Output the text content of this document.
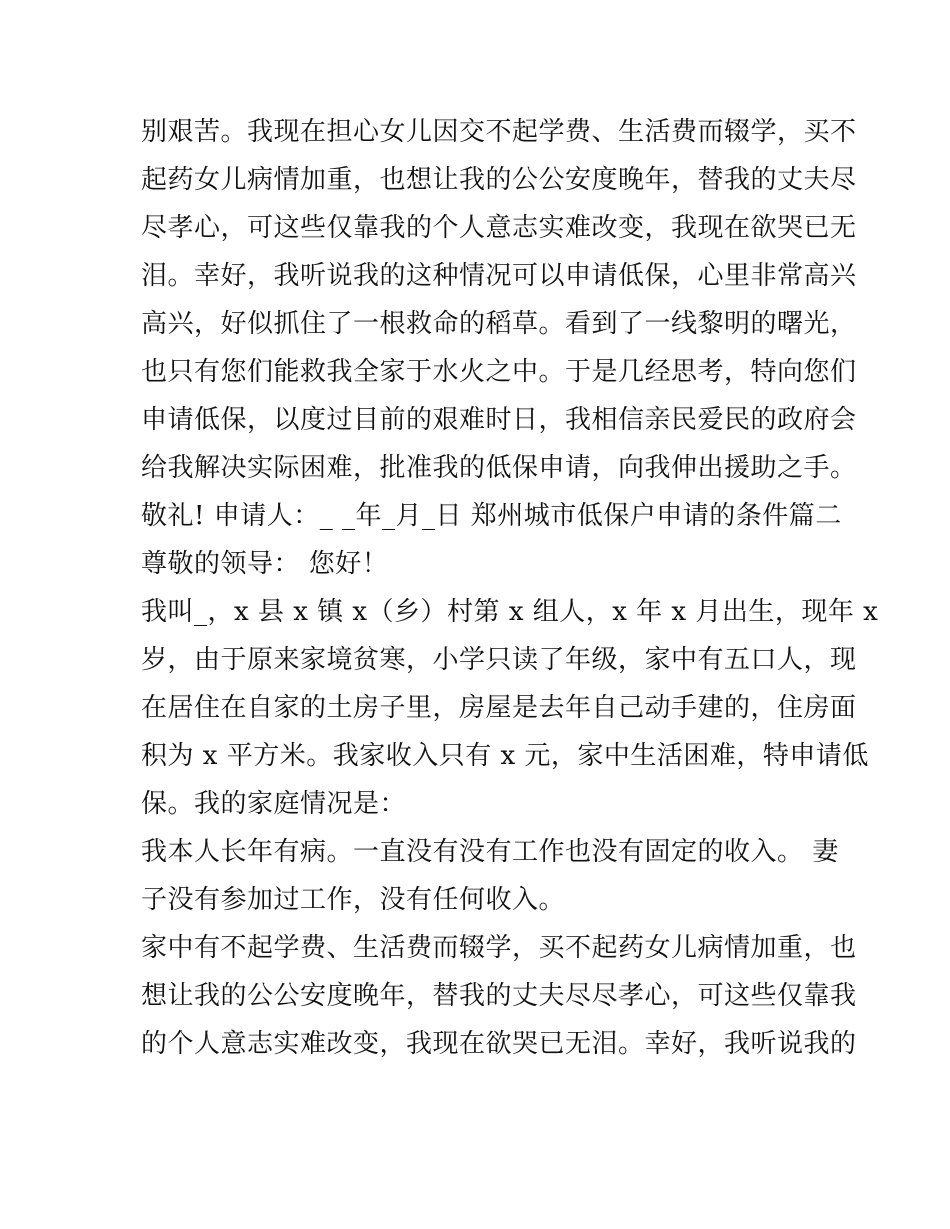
别艰苦。我现在担心女儿因交不起学费、生活费而辍学，买不
起药女儿病情加重，也想让我的公公安度晚年，替我的丈夫尽
尽孝心，可这些仅靠我的个人意志实难改变，我现在欲哭已无
泪。幸好，我听说我的这种情况可以申请低保，心里非常高兴
高兴，好似抓住了一根救命的稻草。看到了一线黎明的曙光，
也只有您们能救我全家于水火之中。于是几经思考，特向您们
申请低保，以度过目前的艰难时日，我相信亲民爱民的政府会
给我解决实际困难，批准我的低保申请，向我伸出援助之手。
敬礼! 申请人：_ _年_月_日 郑州城市低保户申请的条件篇二
尊敬的领导： 您好！
我叫_，x 县 x 镇 x（乡）村第 x 组人，x 年 x 月出生，现年 x
岁，由于原来家境贫寒，小学只读了年级，家中有五口人，现
在居住在自家的土房子里，房屋是去年自己动手建的，住房面
积为 x 平方米。我家收入只有 x 元，家中生活困难，特申请低
保。我的家庭情况是：
我本人长年有病。一直没有没有工作也没有固定的收入。 妻
子没有参加过工作，没有任何收入。
家中有不起学费、生活费而辍学，买不起药女儿病情加重，也
想让我的公公安度晚年，替我的丈夫尽尽孝心，可这些仅靠我
的个人意志实难改变，我现在欲哭已无泪。幸好，我听说我的
